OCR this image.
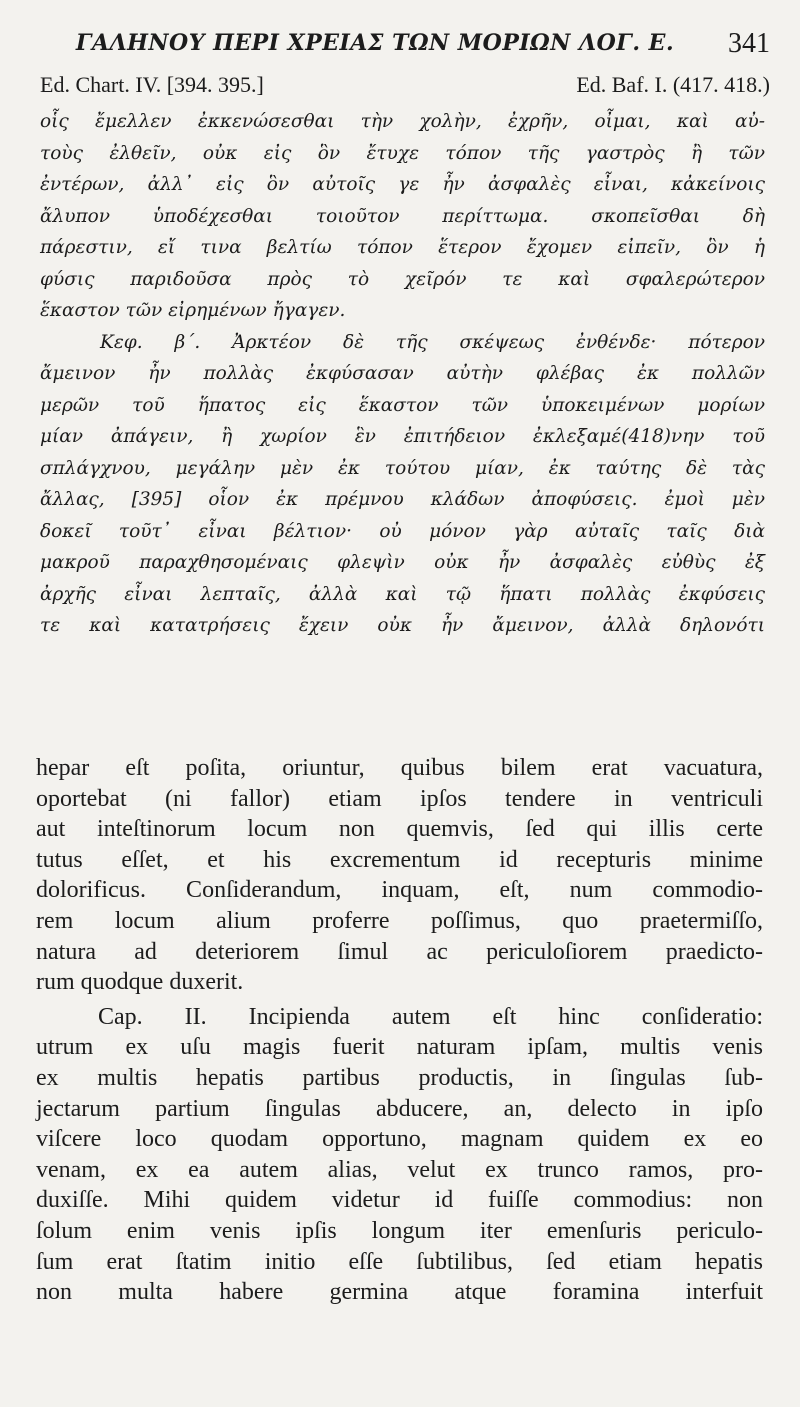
ΓΑΛΗΝΟΥ ΠΕΡΙ ΧΡΕΙΑΣ ΤΩΝ ΜΟΡΙΩΝ ΛΟΓ. Ε.	341
Ed. Chart. IV. [394. 395.]	Ed. Baf. I. (417. 418.)
οἷς ἔμελλεν ἐκκενώσεσθαι τὴν χολὴν, ἐχρῆν, οἶμαι, καὶ αὐ-
τοὺς ἐλθεῖν, οὐκ εἰς ὃν ἔτυχε τόπον τῆς γαστρὸς ἢ τῶν
ἐντέρων, ἀλλ᾽ εἰς ὃν αὐτοῖς γε ἦν ἀσφαλὲς εἶναι, κἀκείνοις
ἄλυπον ὑποδέχεσθαι τοιοῦτον περίττωμα. σκοπεῖσθαι δὴ
πάρεστιν, εἴ τινα βελτίω τόπον ἕτερον ἔχομεν εἰπεῖν, ὃν ἡ
φύσις παριδοῦσα πρὸς τὸ χεῖρόν τε καὶ σφαλερώτερον
ἕκαστον τῶν εἰρημένων ἤγαγεν.
Κεφ. β΄. Ἀρκτέον δὲ τῆς σκέψεως ἐνθένδε· πότερον
ἄμεινον ἦν πολλὰς ἐκφύσασαν αὐτὴν φλέβας ἐκ πολλῶν
μερῶν τοῦ ἥπατος εἰς ἕκαστον τῶν ὑποκειμένων μορίων
μίαν ἀπάγειν, ἢ χωρίον ἓν ἐπιτήδειον ἐκλεξαμέ(418)νην τοῦ
σπλάγχνου, μεγάλην μὲν ἐκ τούτου μίαν, ἐκ ταύτης δὲ τὰς
ἄλλας, [395] οἷον ἐκ πρέμνου κλάδων ἀποφύσεις. ἐμοὶ μὲν
δοκεῖ τοῦτ᾽ εἶναι βέλτιον· οὐ μόνον γὰρ αὐταῖς ταῖς διὰ
μακροῦ παραχθησομέναις φλεψὶν οὐκ ἦν ἀσφαλὲς εὐθὺς ἐξ
ἀρχῆς εἶναι λεπταῖς, ἀλλὰ καὶ τῷ ἥπατι πολλὰς ἐκφύσεις
τε καὶ κατατρήσεις ἔχειν οὐκ ἦν ἄμεινον, ἀλλὰ δηλονότι
hepar eſt poſita, oriuntur, quibus bilem erat vacuatura,
oportebat (ni fallor) etiam ipſos tendere in ventriculi
aut inteſtinorum locum non quemvis, ſed qui illis certe
tutus eſſet, et his excrementum id recepturis minime
dolorificus. Conſiderandum, inquam, eſt, num commodio-
rem locum alium proferre poſſimus, quo praetermiſſo,
natura ad deteriorem ſimul ac periculoſiorem praedicto-
rum quodque duxerit.
Cap. II. Incipienda autem eſt hinc conſideratio:
utrum ex uſu magis fuerit naturam ipſam, multis venis
ex multis hepatis partibus productis, in ſingulas ſub-
jectarum partium ſingulas abducere, an, delecto in ipſo
viſcere loco quodam opportuno, magnam quidem ex eo
venam, ex ea autem alias, velut ex trunco ramos, pro-
duxiſſe. Mihi quidem videtur id fuiſſe commodius: non
ſolum enim venis ipſis longum iter emenſuris periculo-
ſum erat ſtatim initio eſſe ſubtilibus, ſed etiam hepatis
non multa habere germina atque foramina interfuit
